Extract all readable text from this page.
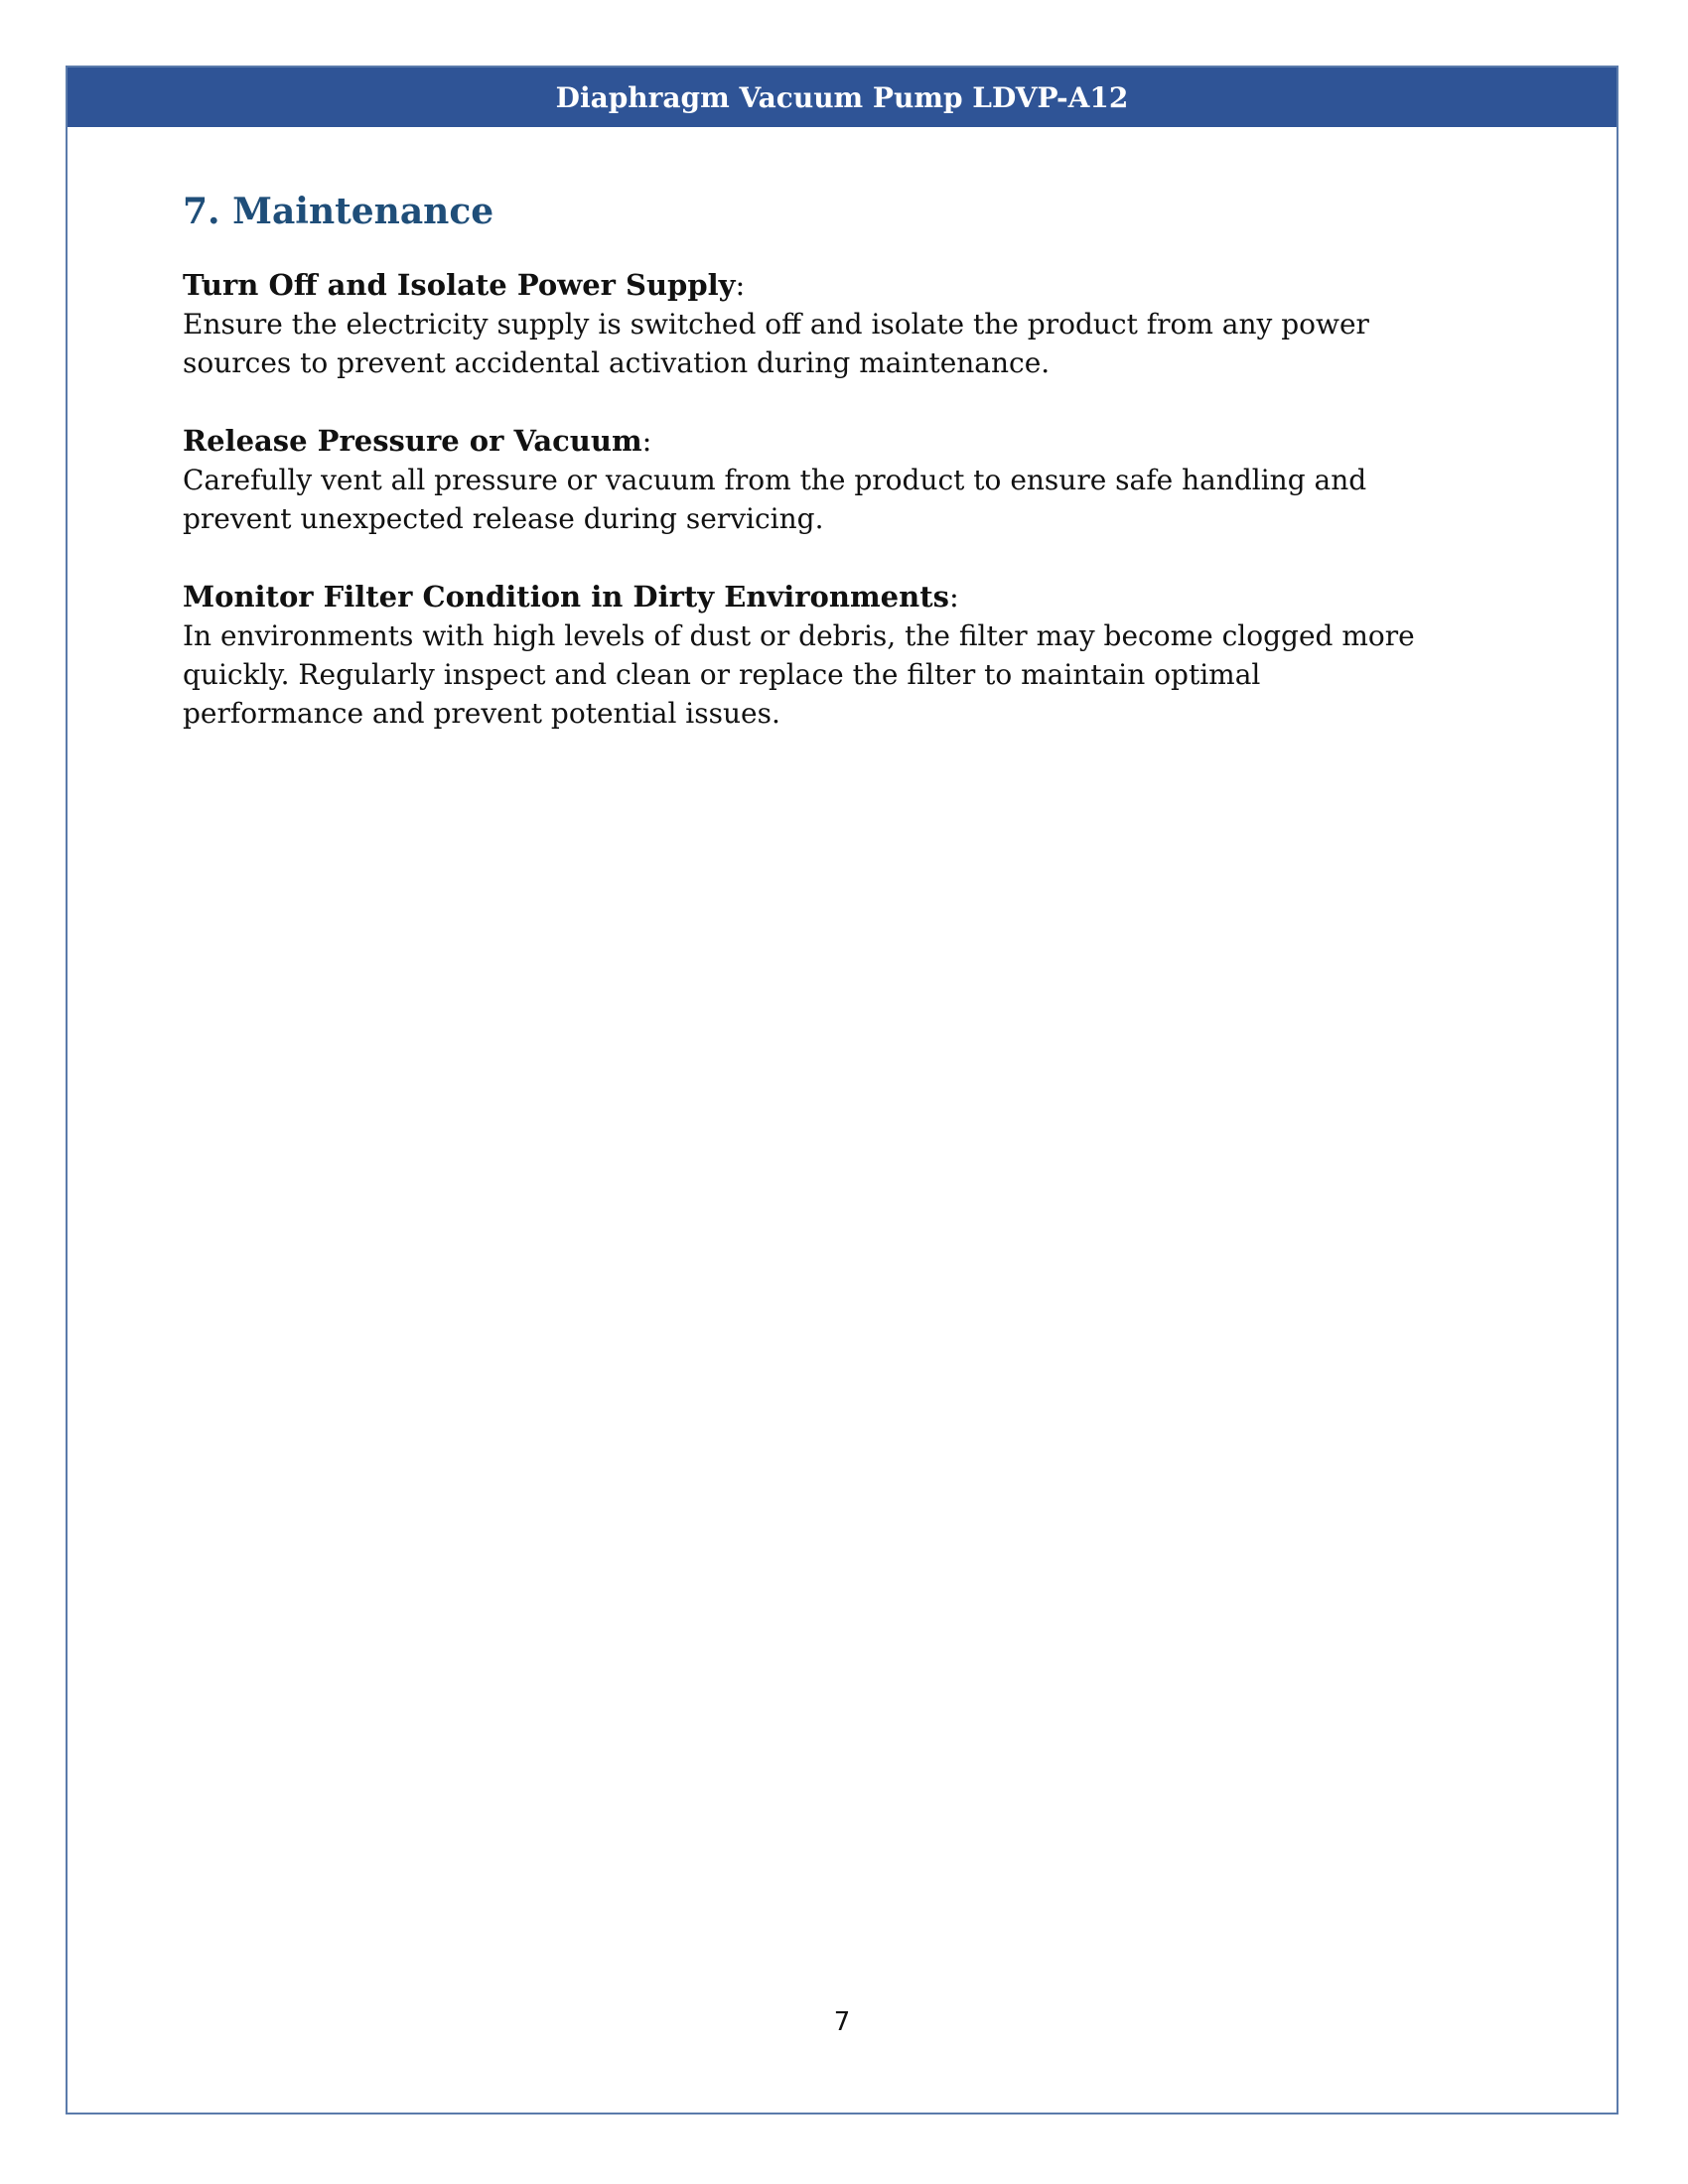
Diaphragm Vacuum Pump LDVP-A12
7
7. Maintenance
Turn Off and Isolate Power Supply:
Ensure the electricity supply is switched off and isolate the product from any power sources to prevent accidental activation during maintenance.
Release Pressure or Vacuum:
Carefully vent all pressure or vacuum from the product to ensure safe handling and prevent unexpected release during servicing.
Monitor Filter Condition in Dirty Environments:
In environments with high levels of dust or debris, the filter may become clogged more quickly. Regularly inspect and clean or replace the filter to maintain optimal performance and prevent potential issues.
